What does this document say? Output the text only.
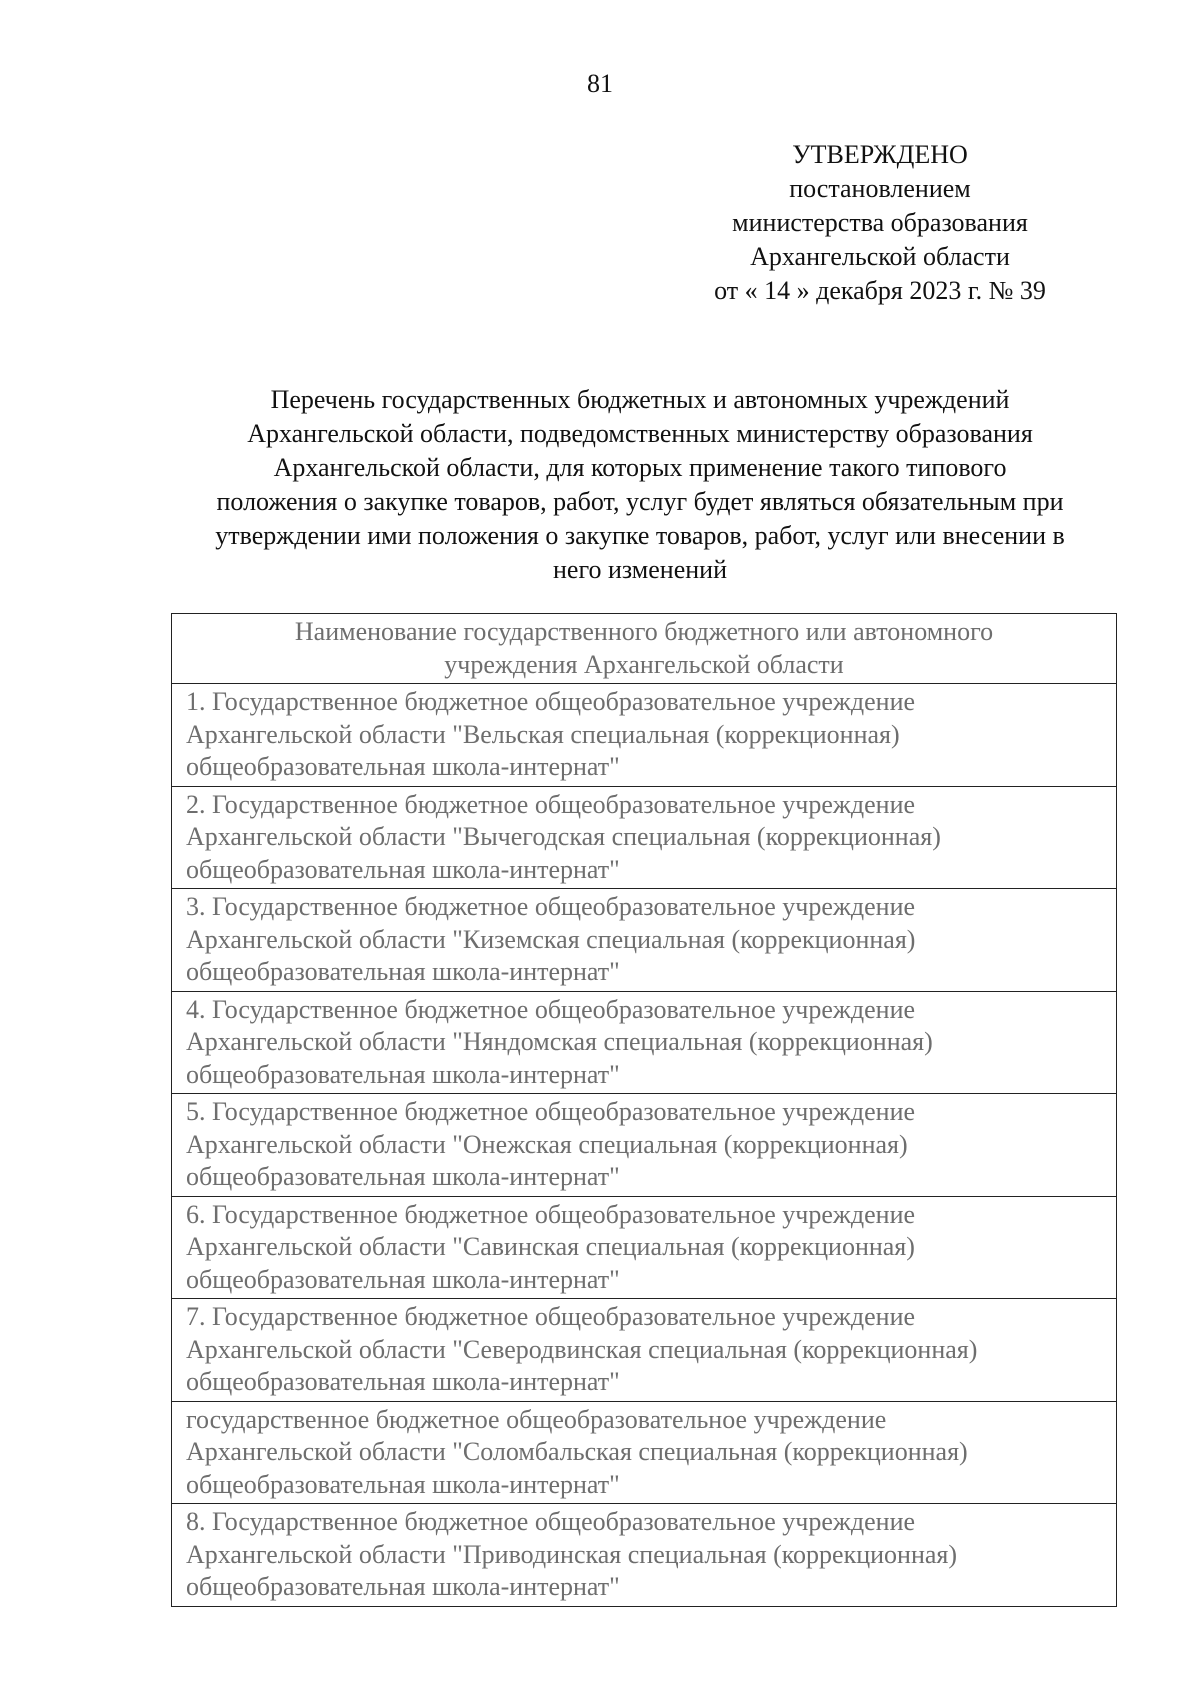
81
УТВЕРЖДЕНО
постановлением
министерства образования
Архангельской области
от « 14 » декабря 2023 г. № 39
Перечень государственных бюджетных и автономных учреждений
Архангельской области, подведомственных министерству образования
Архангельской области, для которых применение такого типового
положения о закупке товаров, работ, услуг будет являться обязательным при
утверждении ими положения о закупке товаров, работ, услуг или внесении в
него изменений
Наименование государственного бюджетного или автономного
учреждения Архангельской области

1. Государственное бюджетное общеобразовательное учреждение
Архангельской области "Вельская специальная (коррекционная)
общеобразовательная школа-интернат"

2. Государственное бюджетное общеобразовательное учреждение
Архангельской области "Вычегодская специальная (коррекционная)
общеобразовательная школа-интернат"

3. Государственное бюджетное общеобразовательное учреждение
Архангельской области "Киземская специальная (коррекционная)
общеобразовательная школа-интернат"

4. Государственное бюджетное общеобразовательное учреждение
Архангельской области "Няндомская специальная (коррекционная)
общеобразовательная школа-интернат"

5. Государственное бюджетное общеобразовательное учреждение
Архангельской области "Онежская специальная (коррекционная)
общеобразовательная школа-интернат"

6. Государственное бюджетное общеобразовательное учреждение
Архангельской области "Савинская специальная (коррекционная)
общеобразовательная школа-интернат"

7. Государственное бюджетное общеобразовательное учреждение
Архангельской области "Северодвинская специальная (коррекционная)
общеобразовательная школа-интернат"

государственное бюджетное общеобразовательное учреждение
Архангельской области "Соломбальская специальная (коррекционная)
общеобразовательная школа-интернат"

8. Государственное бюджетное общеобразовательное учреждение
Архангельской области "Приводинская специальная (коррекционная)
общеобразовательная школа-интернат"
